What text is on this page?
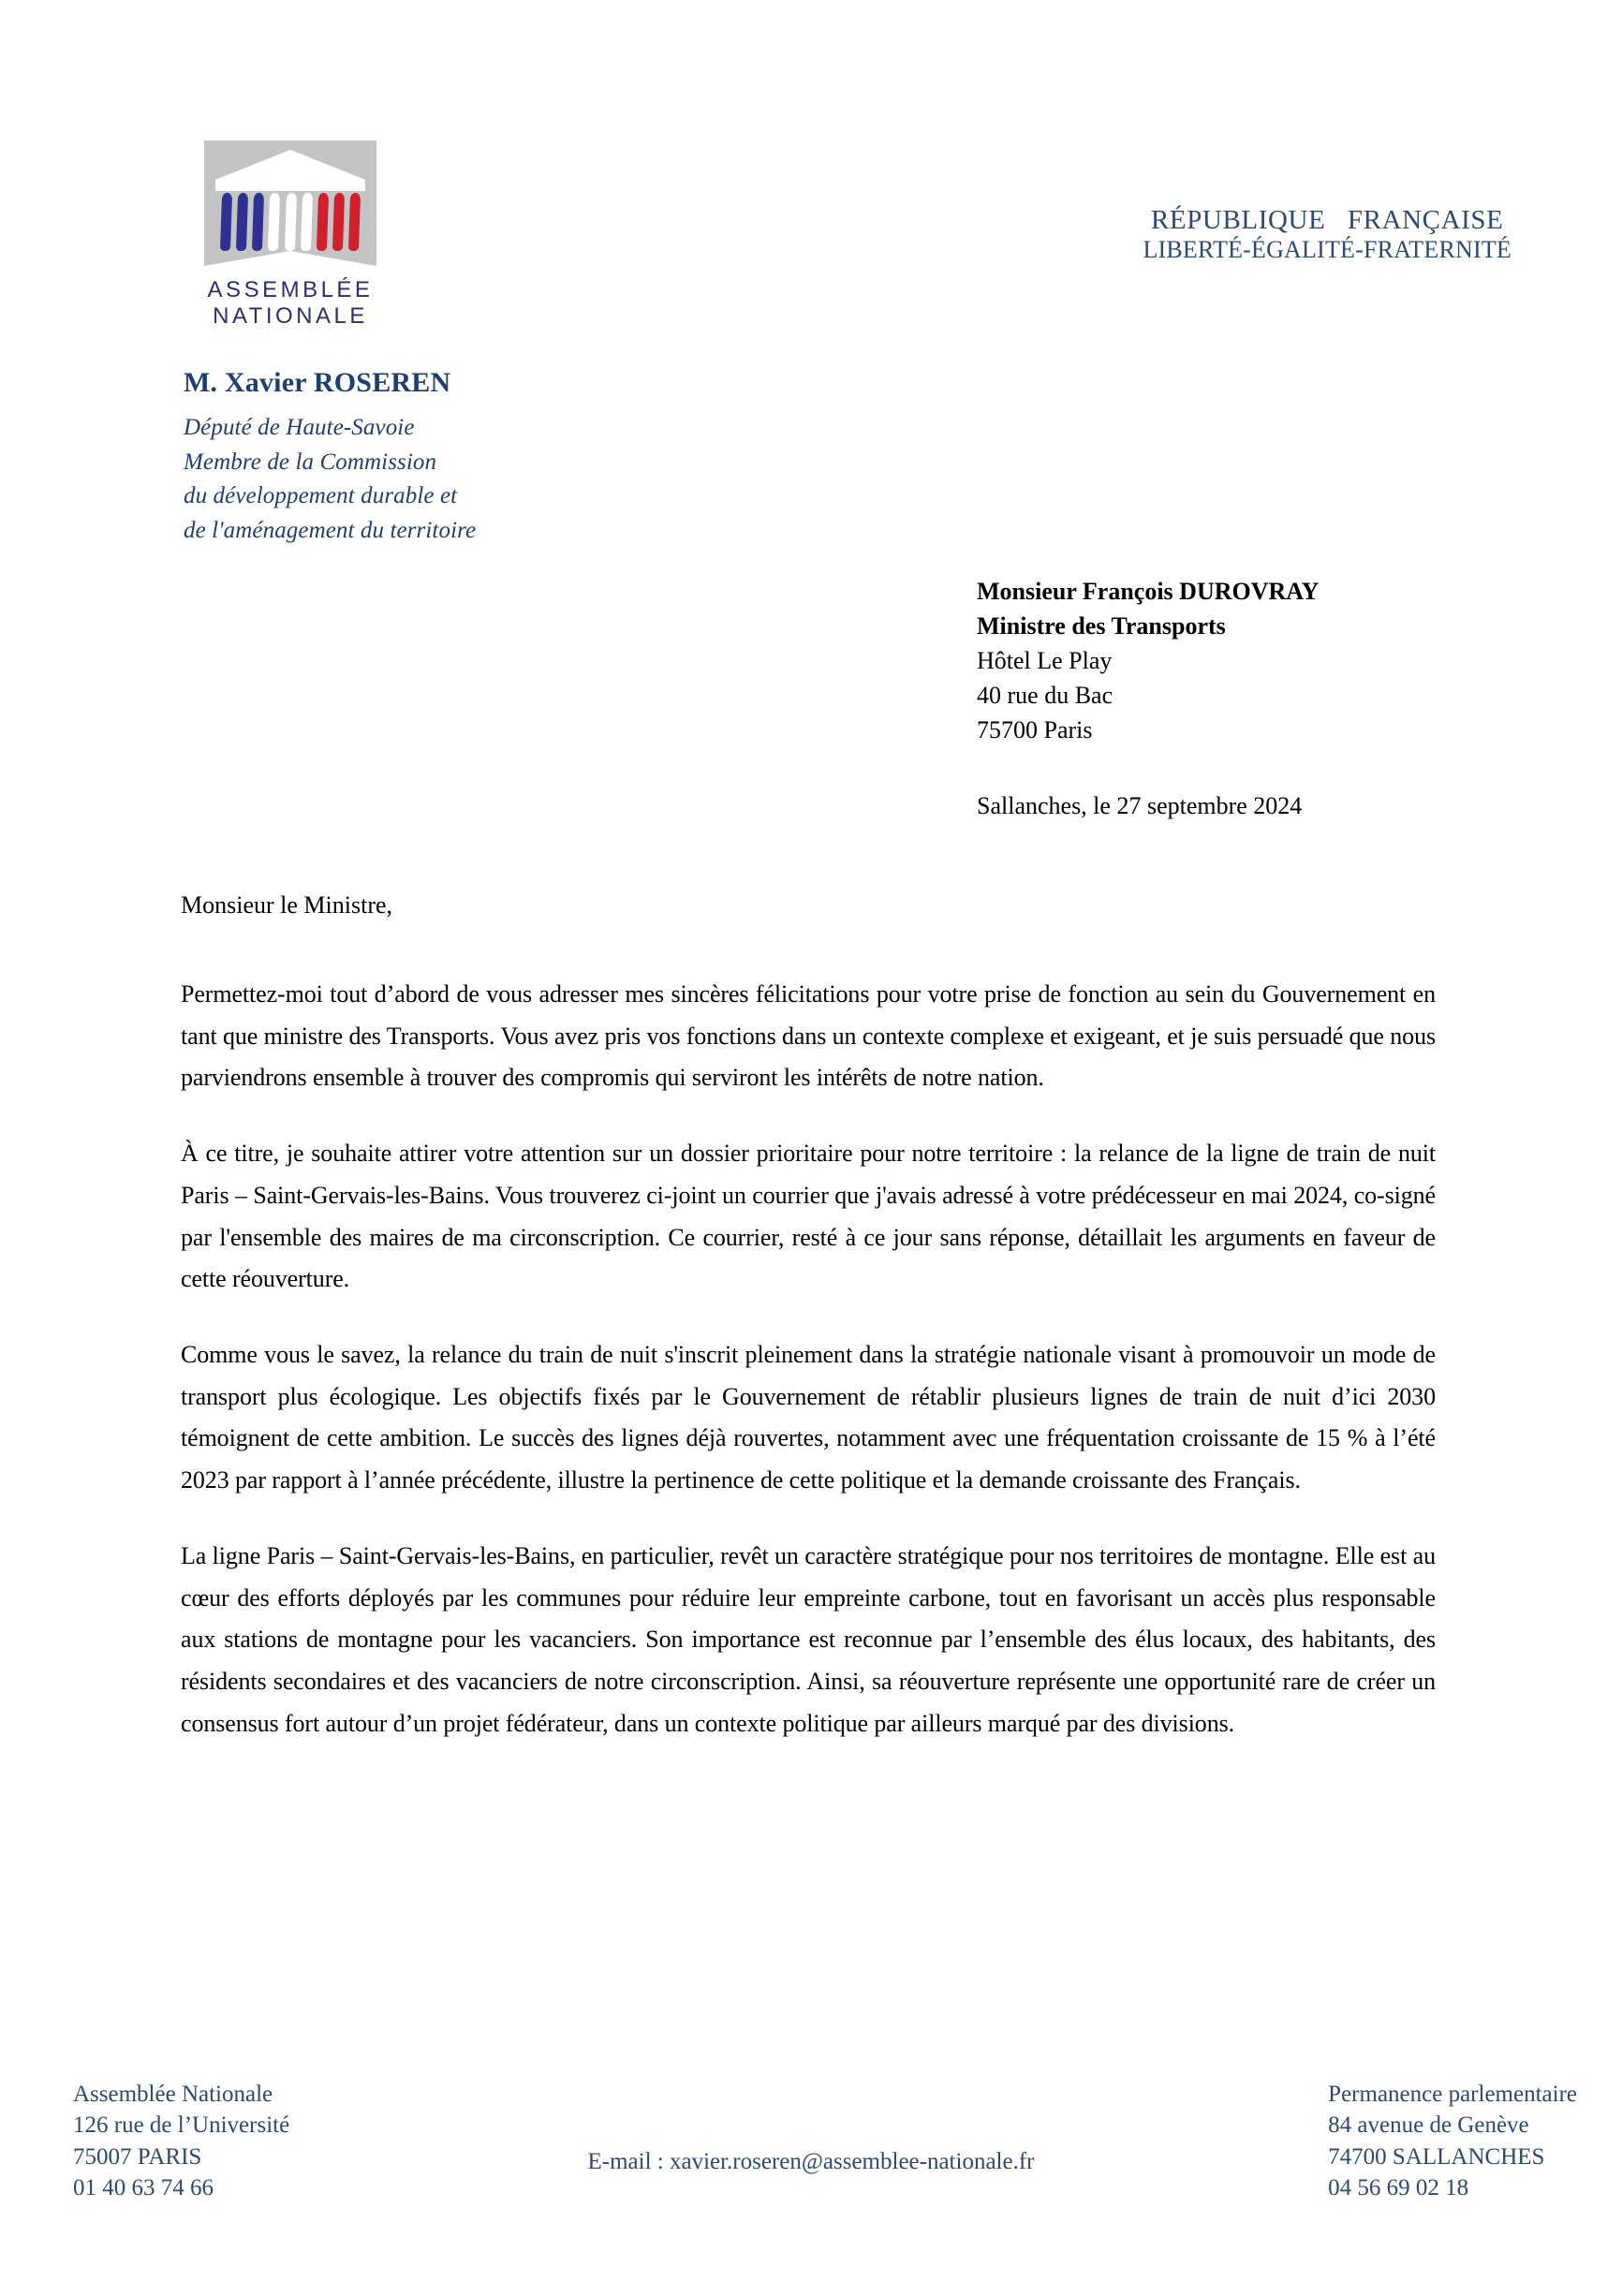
ASSEMBLÉE
NATIONALE
RÉPUBLIQUE   FRANÇAISE
LIBERTÉ-ÉGALITÉ-FRATERNITÉ
M. Xavier ROSEREN
Député de Haute-Savoie
Membre de la Commission
du développement durable et
de l'aménagement du territoire
Monsieur François DUROVRAY
Ministre des Transports
Hôtel Le Play
40 rue du Bac
75700 Paris
Sallanches, le 27 septembre 2024
Monsieur le Ministre,

Permettez-moi tout d’abord de vous adresser mes sincères félicitations pour votre prise de fonction au sein du Gouvernement en tant que ministre des Transports. Vous avez pris vos fonctions dans un contexte complexe et exigeant, et je suis persuadé que nous parviendrons ensemble à trouver des compromis qui serviront les intérêts de notre nation.

À ce titre, je souhaite attirer votre attention sur un dossier prioritaire pour notre territoire : la relance de la ligne de train de nuit Paris – Saint-Gervais-les-Bains. Vous trouverez ci-joint un courrier que j'avais adressé à votre prédécesseur en mai 2024, co-signé par l'ensemble des maires de ma circonscription. Ce courrier, resté à ce jour sans réponse, détaillait les arguments en faveur de cette réouverture.

Comme vous le savez, la relance du train de nuit s'inscrit pleinement dans la stratégie nationale visant à promouvoir un mode de transport plus écologique. Les objectifs fixés par le Gouvernement de rétablir plusieurs lignes de train de nuit d’ici 2030 témoignent de cette ambition. Le succès des lignes déjà rouvertes, notamment avec une fréquentation croissante de 15 % à l’été 2023 par rapport à l’année précédente, illustre la pertinence de cette politique et la demande croissante des Français.

La ligne Paris – Saint-Gervais-les-Bains, en particulier, revêt un caractère stratégique pour nos territoires de montagne. Elle est au cœur des efforts déployés par les communes pour réduire leur empreinte carbone, tout en favorisant un accès plus responsable aux stations de montagne pour les vacanciers. Son importance est reconnue par l’ensemble des élus locaux, des habitants, des résidents secondaires et des vacanciers de notre circonscription. Ainsi, sa réouverture représente une opportunité rare de créer un consensus fort autour d’un projet fédérateur, dans un contexte politique par ailleurs marqué par des divisions.

Assemblée Nationale
126 rue de l’Université
75007 PARIS
01 40 63 74 66
E-mail : xavier.roseren@assemblee-nationale.fr
Permanence parlementaire
84 avenue de Genève
74700 SALLANCHES
04 56 69 02 18
